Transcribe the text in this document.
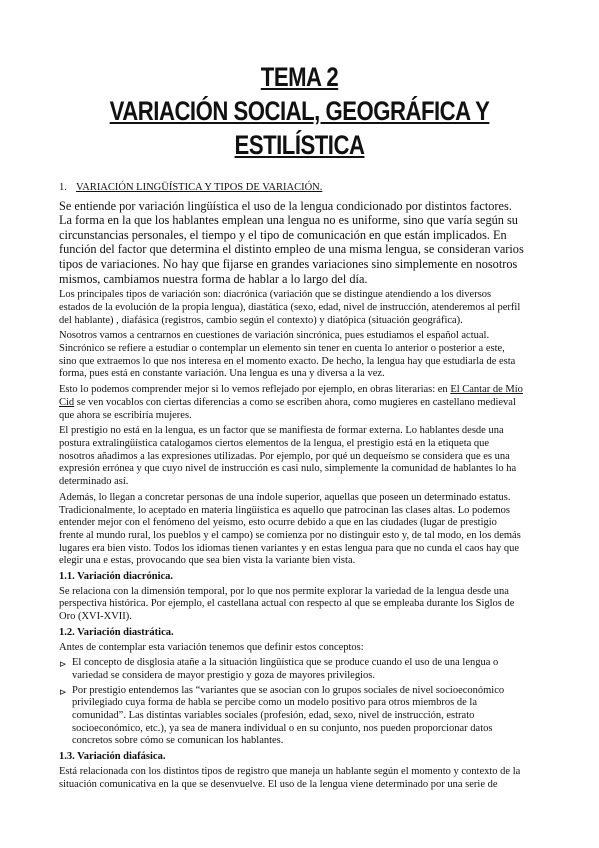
TEMA 2
VARIACIÓN SOCIAL, GEOGRÁFICA Y
ESTILÍSTICA
1. VARIACIÓN LINGÜÍSTICA Y TIPOS DE VARIACIÓN.

Se entiende por variación lingüística el uso de la lengua condicionado por distintos factores. La forma en la que los hablantes emplean una lengua no es uniforme, sino que varía según su circunstancias personales, el tiempo y el tipo de comunicación en que están implicados. En función del factor que determina el distinto empleo de una misma lengua, se consideran varios tipos de variaciones. No hay que fijarse en grandes variaciones sino simplemente en nosotros mismos, cambiamos nuestra forma de hablar a lo largo del día.

Los principales tipos de variación son: diacrónica (variación que se distingue atendiendo a los diversos estados de la evolución de la propia lengua), diastática (sexo, edad, nivel de instrucción, atenderemos al perfil del hablante) , diafásica (registros, cambio según el contexto) y diatópica (situación geográfica).

Nosotros vamos a centrarnos en cuestiones de variación sincrónica, pues estudiamos el español actual. Sincrónico se refiere a estudiar o contemplar un elemento sin tener en cuenta lo anterior o posterior a este, sino que extraemos lo que nos interesa en el momento exacto. De hecho, la lengua hay que estudiarla de esta forma, pues está en constante variación. Una lengua es una y diversa a la vez.

Esto lo podemos comprender mejor si lo vemos reflejado por ejemplo, en obras literarias: en El Cantar de Mío Cid se ven vocablos con ciertas diferencias a como se escriben ahora, como mugieres en castellano medieval que ahora se escribiría mujeres.

El prestigio no está en la lengua, es un factor que se manifiesta de formar externa. Lo hablantes desde una postura extralingüística catalogamos ciertos elementos de la lengua, el prestigio está en la etiqueta que nosotros añadimos a las expresiones utilizadas. Por ejemplo, por qué un dequeísmo se considera que es una expresión errónea y que cuyo nivel de instrucción es casi nulo, simplemente la comunidad de hablantes lo ha determinado así.

Además, lo llegan a concretar personas de una índole superior, aquellas que poseen un determinado estatus. Tradicionalmente, lo aceptado en materia lingüística es aquello que patrocinan las clases altas. Lo podemos entender mejor con el fenómeno del yeísmo, esto ocurre debido a que en las ciudades (lugar de prestigio frente al mundo rural, los pueblos y el campo) se comienza por no distinguir esto y, de tal modo, en los demás lugares era bien visto. Todos los idiomas tienen variantes y en estas lengua para que no cunda el caos hay que elegir una e estas, provocando que sea bien vista la variante bien vista.

1.1. Variación diacrónica.

Se relaciona con la dimensión temporal, por lo que nos permite explorar la variedad de la lengua desde una perspectiva histórica. Por ejemplo, el castellana actual con respecto al que se empleaba durante los Siglos de Oro (XVI-XVII).

1.2. Variación diastrática.

Antes de contemplar esta variación tenemos que definir estos conceptos:

⊳ El concepto de disglosia atañe a la situación lingüística que se produce cuando el uso de una lengua o variedad se considera de mayor prestigio y goza de mayores privilegios.
⊳ Por prestigio entendemos las “variantes que se asocian con lo grupos sociales de nivel socioeconómico privilegiado cuya forma de habla se percibe como un modelo positivo para otros miembros de la comunidad”. Las distintas variables sociales (profesión, edad, sexo, nivel de instrucción, estrato socioeconómico, etc.), ya sea de manera individual o en su conjunto, nos pueden proporcionar datos concretos sobre cómo se comunican los hablantes.
1.3. Variación diafásica.

Está relacionada con los distintos tipos de registro que maneja un hablante según el momento y contexto de la situación comunicativa en la que se desenvuelve. El uso de la lengua viene determinado por una serie de
